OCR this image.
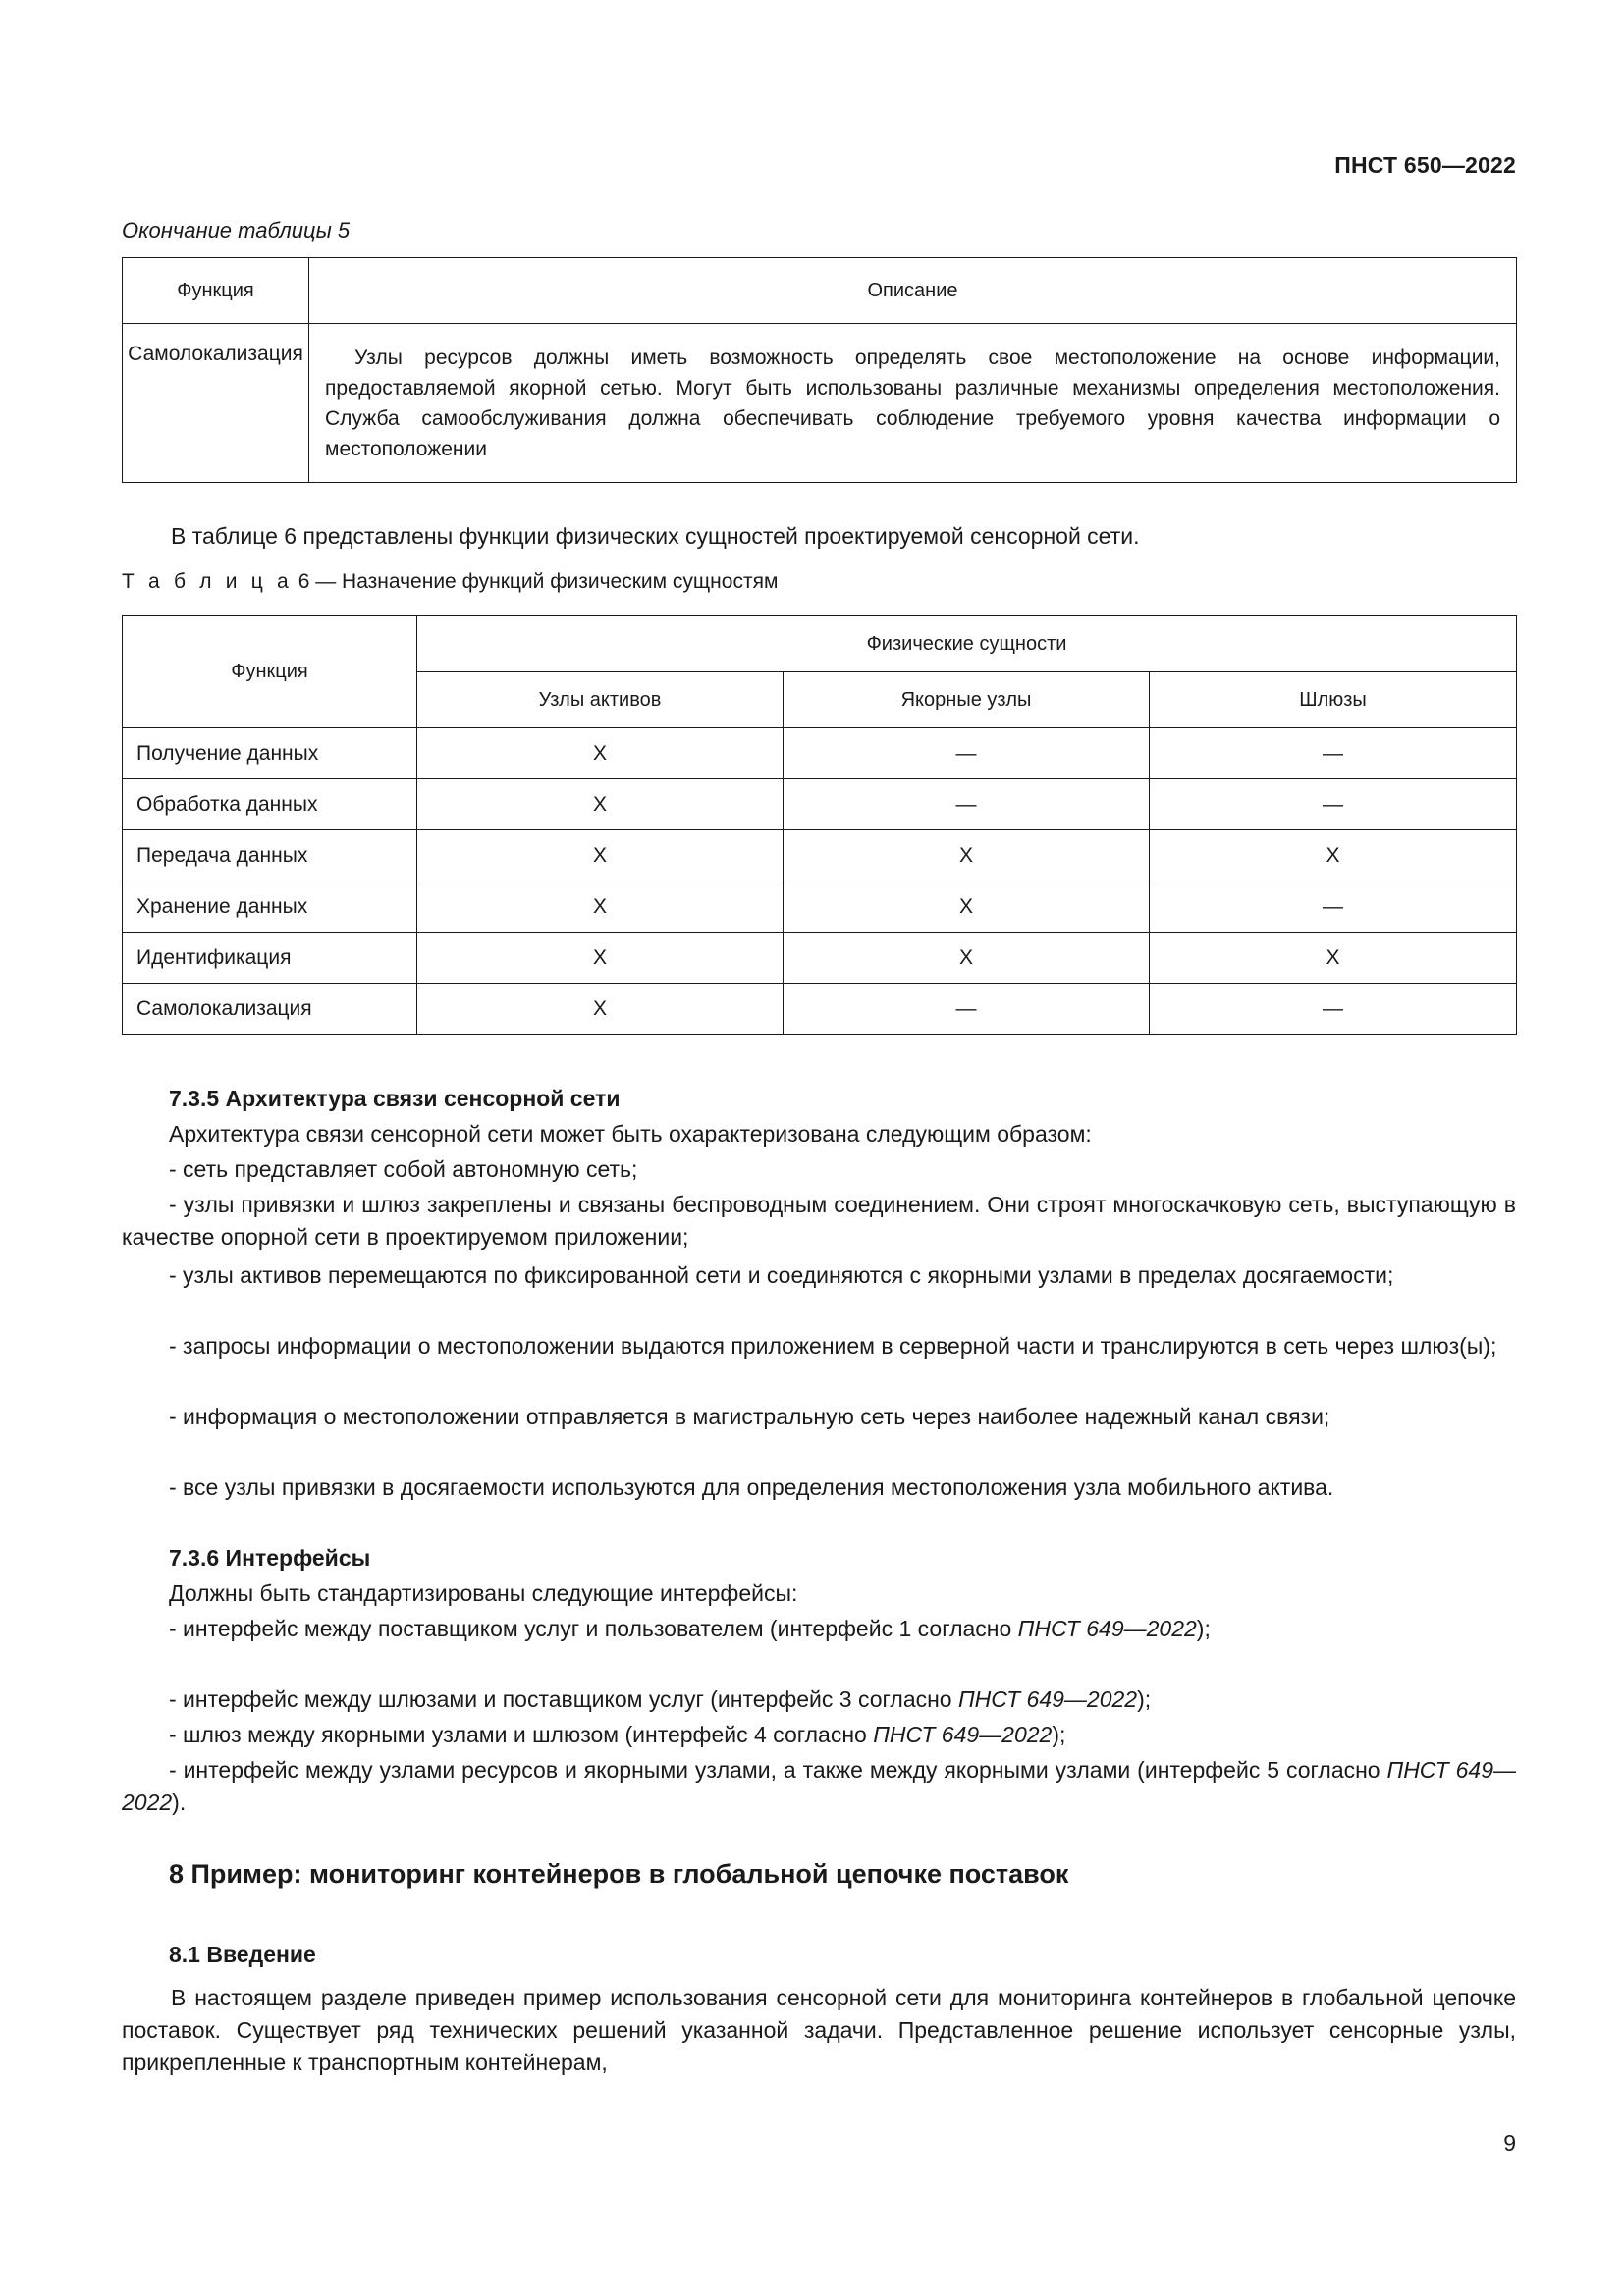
ПНСТ 650—2022
Окончание таблицы 5
Функция	Описание
Самолокализация	Узлы ресурсов должны иметь возможность определять свое местоположение на основе информации, предоставляемой якорной сетью. Могут быть использованы различные механизмы определения местоположения. Служба самообслуживания должна обеспечивать соблюдение требуемого уровня качества информации о местоположении
В таблице 6 представлены функции физических сущностей проектируемой сенсорной сети.
Т а б л и ц а 6 — Назначение функций физическим сущностям
Функция	Физические сущности		
	Узлы активов	Якорные узлы	Шлюзы
Получение данных	X	—	—
Обработка данных	X	—	—
Передача данных	X	X	X
Хранение данных	X	X	—
Идентификация	X	X	X
Самолокализация	X	—	—
7.3.5 Архитектура связи сенсорной сети
Архитектура связи сенсорной сети может быть охарактеризована следующим образом:
- сеть представляет собой автономную сеть;
- узлы привязки и шлюз закреплены и связаны беспроводным соединением. Они строят многоскачковую сеть, выступающую в качестве опорной сети в проектируемом приложении;
- узлы активов перемещаются по фиксированной сети и соединяются с якорными узлами в пределах досягаемости;
- запросы информации о местоположении выдаются приложением в серверной части и транслируются в сеть через шлюз(ы);
- информация о местоположении отправляется в магистральную сеть через наиболее надежный канал связи;
- все узлы привязки в досягаемости используются для определения местоположения узла мобильного актива.
7.3.6 Интерфейсы
Должны быть стандартизированы следующие интерфейсы:
- интерфейс между поставщиком услуг и пользователем (интерфейс 1 согласно ПНСТ 649—2022);
- интерфейс между шлюзами и поставщиком услуг (интерфейс 3 согласно ПНСТ 649—2022);
- шлюз между якорными узлами и шлюзом (интерфейс 4 согласно ПНСТ 649—2022);
- интерфейс между узлами ресурсов и якорными узлами, а также между якорными узлами (интерфейс 5 согласно ПНСТ 649—2022).
8 Пример: мониторинг контейнеров в глобальной цепочке поставок
8.1 Введение
В настоящем разделе приведен пример использования сенсорной сети для мониторинга контейнеров в глобальной цепочке поставок. Существует ряд технических решений указанной задачи. Представленное решение использует сенсорные узлы, прикрепленные к транспортным контейнерам,
9
